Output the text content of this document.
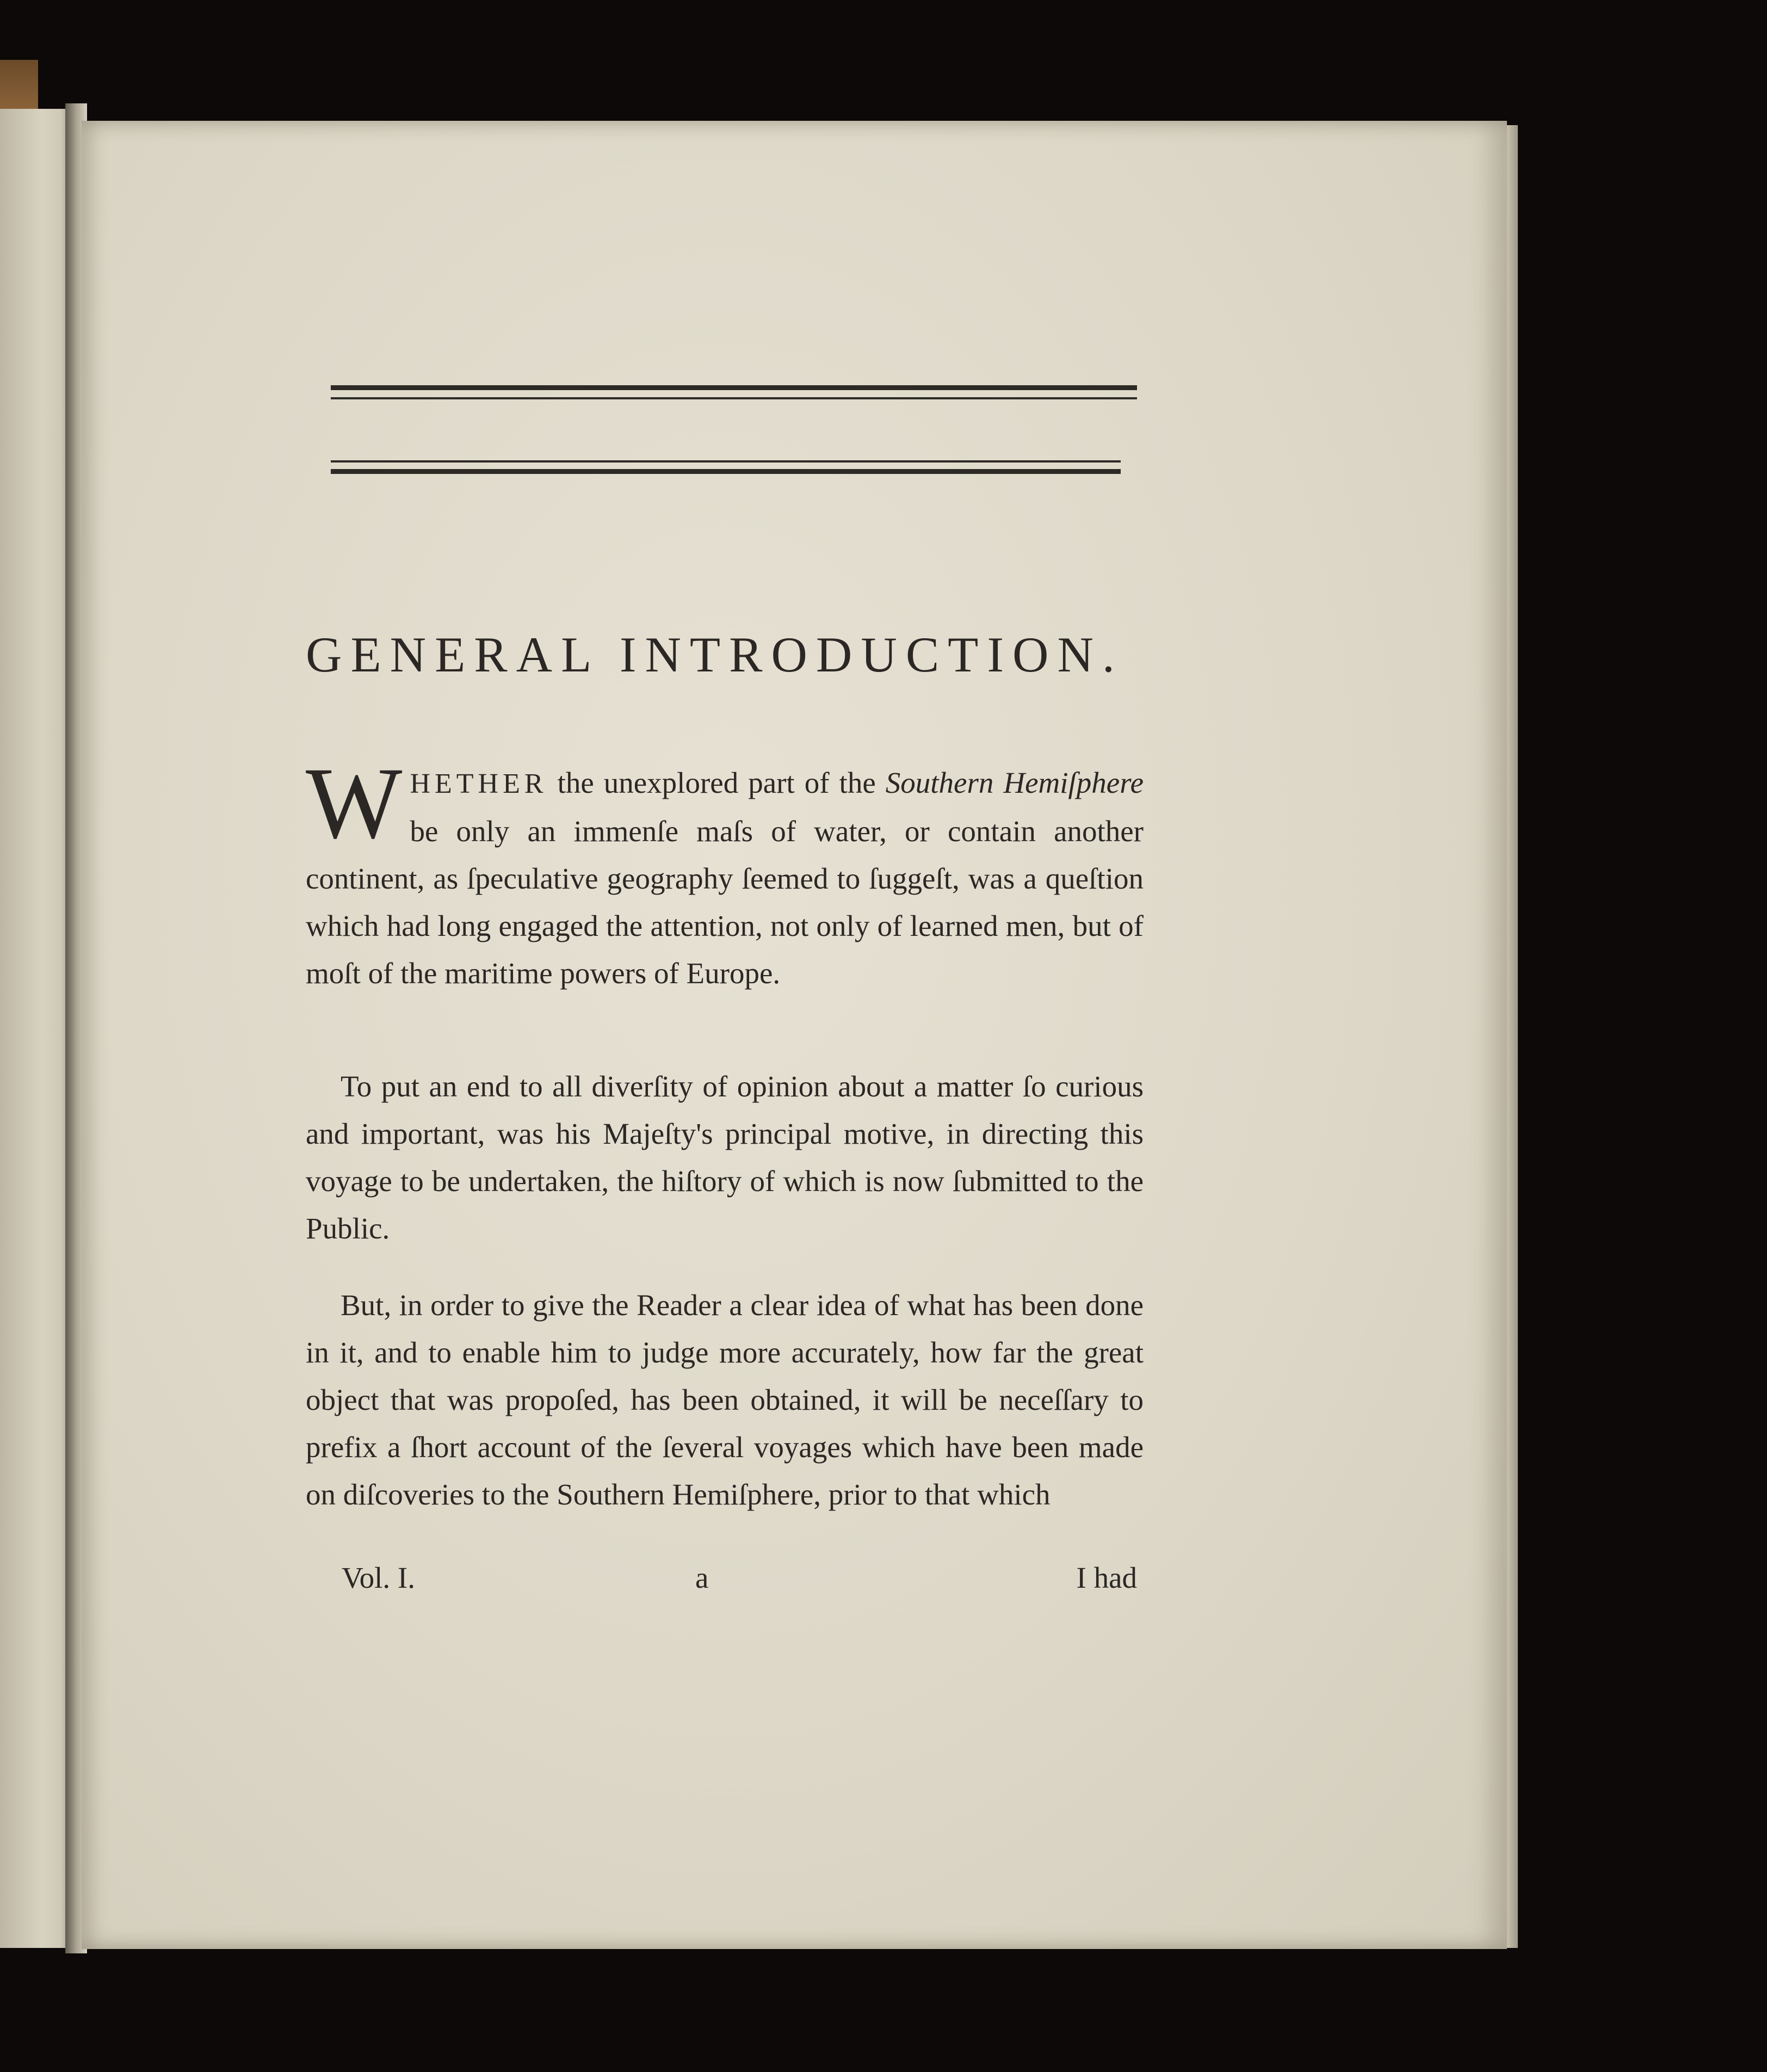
GENERAL INTRODUCTION.
WHETHER the unexplored part of the Southern Hemiſphere be only an immenſe maſs of water, or contain another continent, as ſpeculative geography ſeemed to ſuggeſt, was a queſtion which had long engaged the attention, not only of learned men, but of moſt of the maritime powers of Europe.
To put an end to all diverſity of opinion about a matter ſo curious and important, was his Majeſty's principal motive, in directing this voyage to be undertaken, the hiſtory of which is now ſubmitted to the Public.
But, in order to give the Reader a clear idea of what has been done in it, and to enable him to judge more accurately, how far the great object that was propoſed, has been obtained, it will be neceſſary to prefix a ſhort account of the ſeveral voyages which have been made on diſcoveries to the Southern Hemiſphere, prior to that which
Vol. I.	a	I had
